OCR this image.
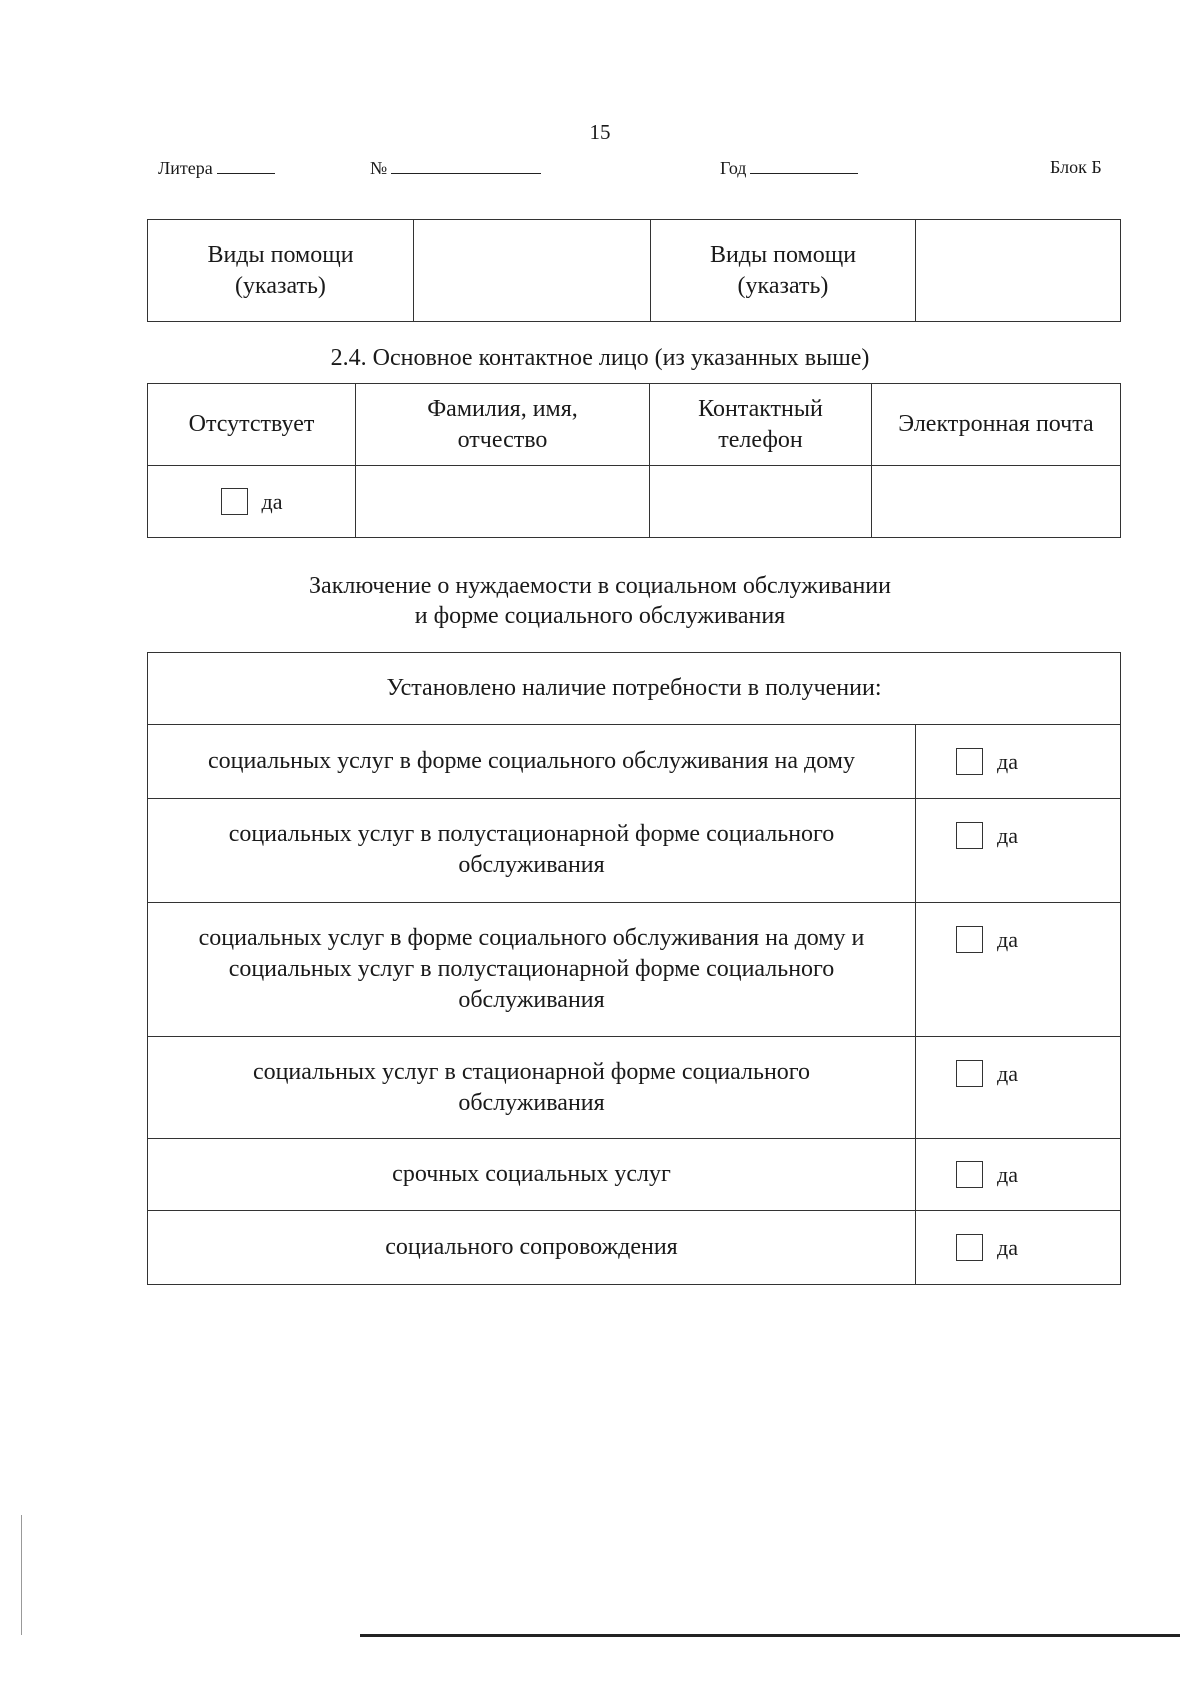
15
Литера	№	Год	Блок Б
Виды помощи (указать)		Виды помощи (указать)	
2.4. Основное контактное лицо (из указанных выше)
Отсутствует	Фамилия, имя, отчество	Контактный телефон	Электронная почта
да			
Заключение о нуждаемости в социальном обслуживании
и форме социального обслуживания
Установлено наличие потребности в получении:	
социальных услуг в форме социального обслуживания на дому	да
социальных услуг в полустационарной форме социального обслуживания	да
социальных услуг в форме социального обслуживания на дому и социальных услуг в полустационарной форме социального обслуживания	да
социальных услуг в стационарной форме социального обслуживания	да
срочных социальных услуг	да
социального сопровождения	да
